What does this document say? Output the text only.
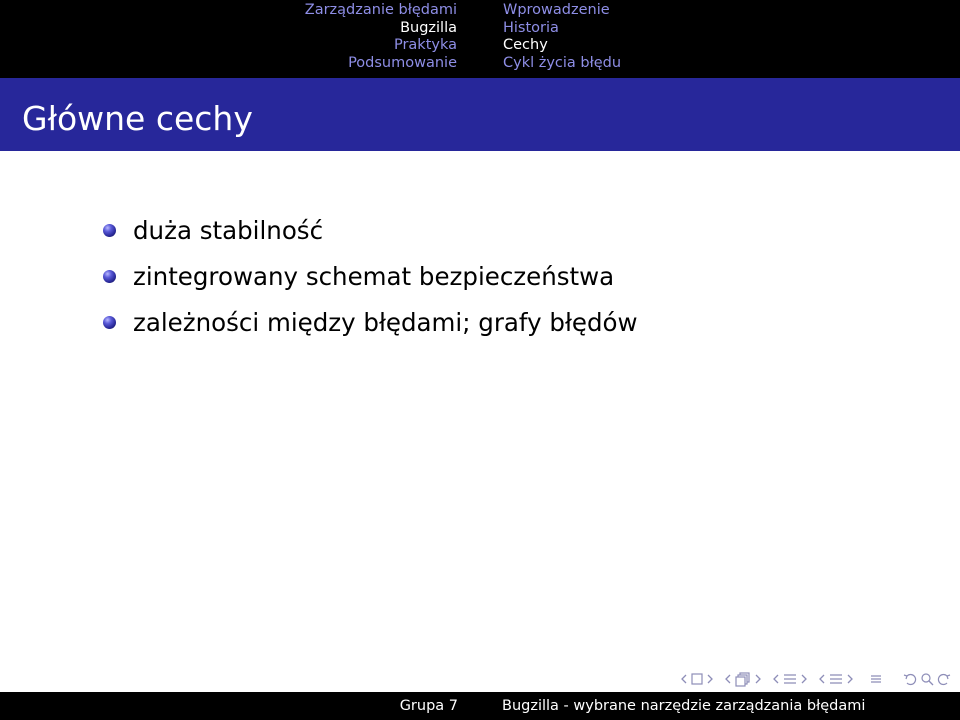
Zarządzanie błędami
Bugzilla
Praktyka
Podsumowanie
Wprowadzenie
Historia
Cechy
Cykl życia błędu
Główne cechy
duża stabilność
zintegrowany schemat bezpieczeństwa
zależności między błędami; grafy błędów
Grupa 7	Bugzilla - wybrane narzędzie zarządzania błędami
